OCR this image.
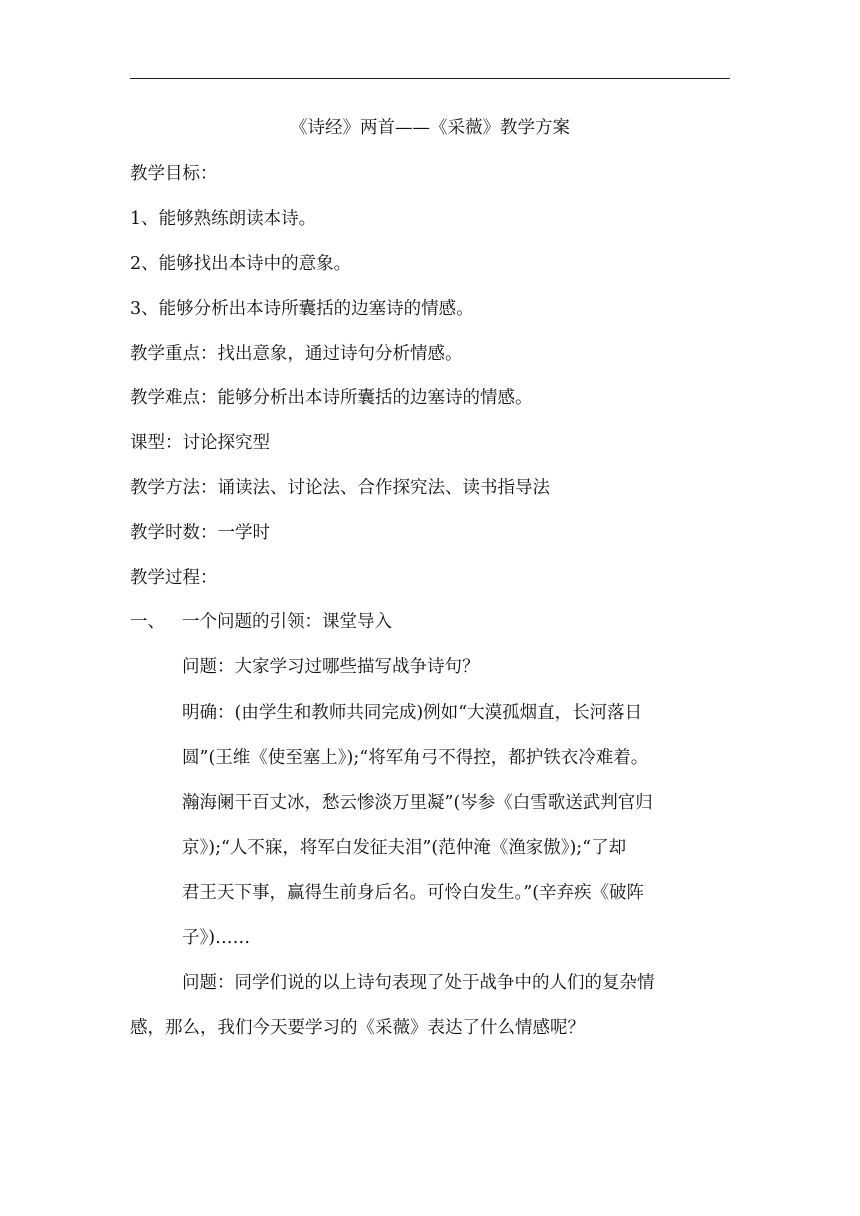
《诗经》两首——《采薇》教学方案
教学目标：
1、能够熟练朗读本诗。
2、能够找出本诗中的意象。
3、能够分析出本诗所囊括的边塞诗的情感。
教学重点：找出意象，通过诗句分析情感。
教学难点：能够分析出本诗所囊括的边塞诗的情感。
课型：讨论探究型
教学方法：诵读法、讨论法、合作探究法、读书指导法
教学时数：一学时
教学过程：
一、 一个问题的引领：课堂导入
问题：大家学习过哪些描写战争诗句？
明确：(由学生和教师共同完成)例如“大漠孤烟直，长河落日
圆”(王维《使至塞上》);“将军角弓不得控，都护铁衣冷难着。
瀚海阑干百丈冰，愁云惨淡万里凝”(岑参《白雪歌送武判官归
京》);“人不寐，将军白发征夫泪”(范仲淹《渔家傲》);“了却
君王天下事，赢得生前身后名。可怜白发生。”(辛弃疾《破阵
子》)……
问题：同学们说的以上诗句表现了处于战争中的人们的复杂情
感，那么，我们今天要学习的《采薇》表达了什么情感呢？
